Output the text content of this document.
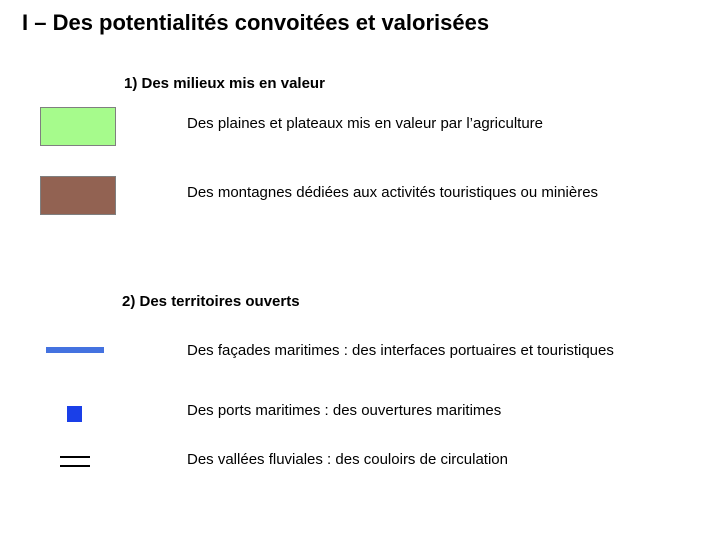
I – Des potentialités convoitées et valorisées
1) Des milieux mis en valeur
Des plaines et plateaux mis en valeur par l’agriculture
Des montagnes dédiées aux activités touristiques ou minières
2) Des territoires ouverts
Des façades maritimes : des interfaces portuaires et touristiques
Des ports maritimes : des ouvertures maritimes
Des vallées fluviales : des couloirs de circulation
